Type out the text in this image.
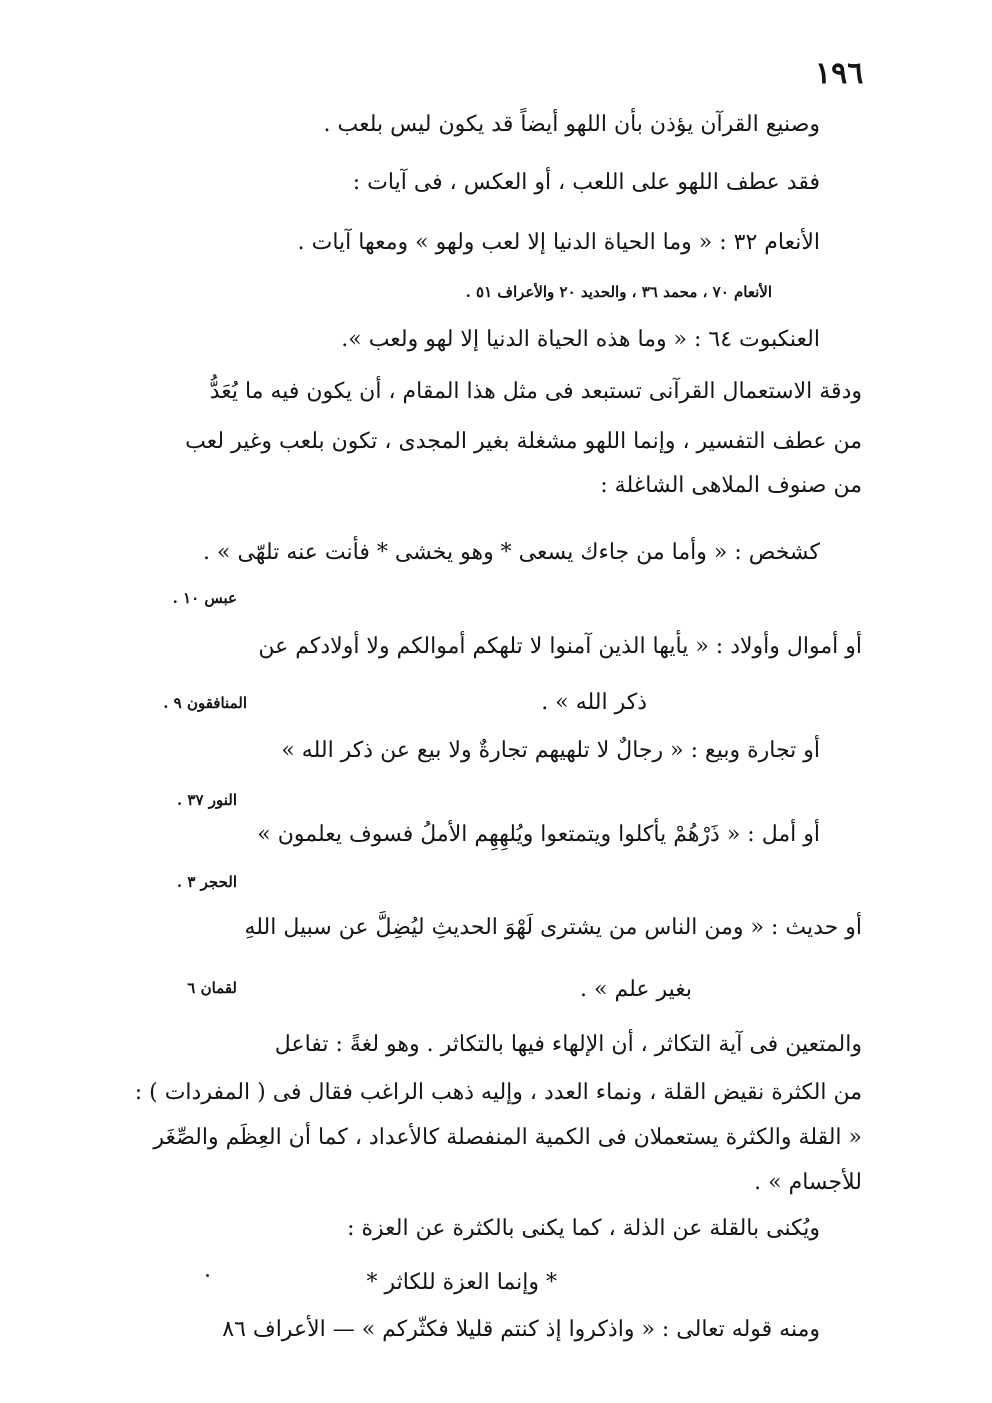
١٩٦
وصنيع القرآن يؤذن بأن اللهو أيضاً قد يكون ليس بلعب .
فقد عطف اللهو على اللعب ، أو العكس ، فى آيات :
الأنعام ٣٢ : « وما الحياة الدنيا إلا لعب ولهو » ومعها آيات .
الأنعام ٧٠ ، محمد ٣٦ ، والحديد ٢٠ والأعراف ٥١ .
العنكبوت ٦٤ : « وما هذه الحياة الدنيا إلا لهو ولعب ».
ودقة الاستعمال القرآنى تستبعد فى مثل هذا المقام ، أن يكون فيه ما يُعَدُّ
من عطف التفسير ، وإنما اللهو مشغلة بغير المجدى ، تكون بلعب وغير لعب
من صنوف الملاهى الشاغلة :
كشخص : « وأما من جاءك يسعى * وهو يخشى * فأنت عنه تلهّى » .
عبس ١٠ .
أو أموال وأولاد : « يأيها الذين آمنوا لا تلهكم أموالكم ولا أولادكم عن
ذكر الله » .
المنافقون ٩ .
أو تجارة وبيع : « رجالٌ لا تلهيهم تجارةٌ ولا بيع عن ذكر الله »
النور ٣٧ .
أو أمل : « ذَرْهُمْ يأكلوا ويتمتعوا ويُلهِهِم الأملُ فسوف يعلمون »
الحجر ٣ .
أو حديث : « ومن الناس من يشترى لَهْوَ الحديثِ ليُضِلَّ عن سبيل اللهِ
بغير علم » .
لقمان ٦
والمتعين فى آية التكاثر ، أن الإلهاء فيها بالتكاثر . وهو لغةً : تفاعل
من الكثرة نقيض القلة ، ونماء العدد ، وإليه ذهب الراغب فقال فى ( المفردات ) :
« القلة والكثرة يستعملان فى الكمية المنفصلة كالأعداد ، كما أن العِظَم والصِّغَر
للأجسام » .
ويُكنى بالقلة عن الذلة ، كما يكنى بالكثرة عن العزة :
* وإنما العزة للكاثر *
ومنه قوله تعالى : « واذكروا إذ كنتم قليلا فكثّركم » — الأعراف ٨٦
